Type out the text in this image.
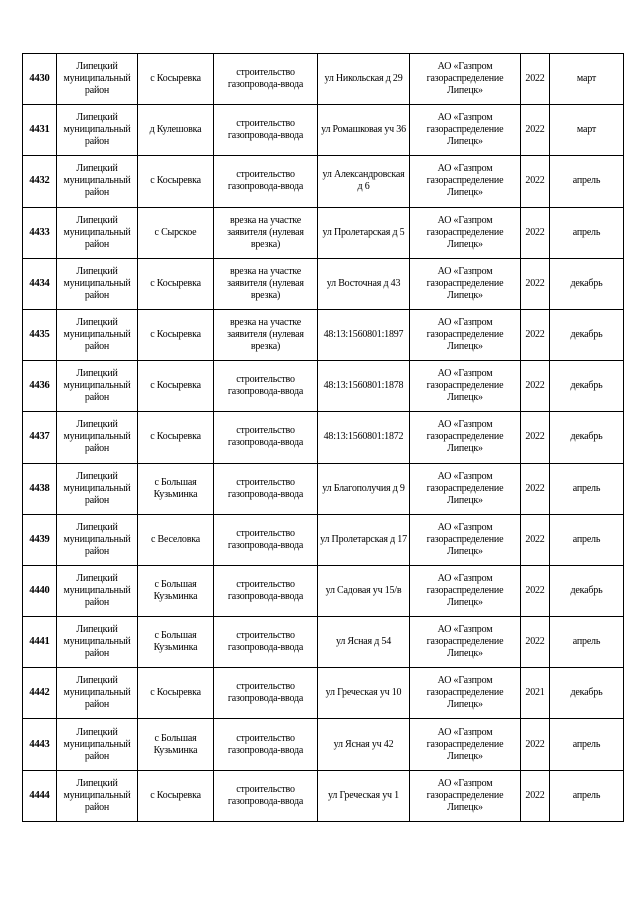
4430	Липецкий муниципальный район	с Косыревка	строительство газопровода-ввода	ул Никольская д 29	АО «Газпром газораспределение Липецк»	2022	март
4431	Липецкий муниципальный район	д Кулешовка	строительство газопровода-ввода	ул Ромашковая уч 36	АО «Газпром газораспределение Липецк»	2022	март
4432	Липецкий муниципальный район	с Косыревка	строительство газопровода-ввода	ул Александровская д 6	АО «Газпром газораспределение Липецк»	2022	апрель
4433	Липецкий муниципальный район	с Сырское	врезка на участке заявителя (нулевая врезка)	ул Пролетарская д 5	АО «Газпром газораспределение Липецк»	2022	апрель
4434	Липецкий муниципальный район	с Косыревка	врезка на участке заявителя (нулевая врезка)	ул Восточная д 43	АО «Газпром газораспределение Липецк»	2022	декабрь
4435	Липецкий муниципальный район	с Косыревка	врезка на участке заявителя (нулевая врезка)	48:13:1560801:1897	АО «Газпром газораспределение Липецк»	2022	декабрь
4436	Липецкий муниципальный район	с Косыревка	строительство газопровода-ввода	48:13:1560801:1878	АО «Газпром газораспределение Липецк»	2022	декабрь
4437	Липецкий муниципальный район	с Косыревка	строительство газопровода-ввода	48:13:1560801:1872	АО «Газпром газораспределение Липецк»	2022	декабрь
4438	Липецкий муниципальный район	с Большая Кузьминка	строительство газопровода-ввода	ул Благополучия д 9	АО «Газпром газораспределение Липецк»	2022	апрель
4439	Липецкий муниципальный район	с Веселовка	строительство газопровода-ввода	ул Пролетарская д 17	АО «Газпром газораспределение Липецк»	2022	апрель
4440	Липецкий муниципальный район	с Большая Кузьминка	строительство газопровода-ввода	ул Садовая уч 15/в	АО «Газпром газораспределение Липецк»	2022	декабрь
4441	Липецкий муниципальный район	с Большая Кузьминка	строительство газопровода-ввода	ул Ясная д 54	АО «Газпром газораспределение Липецк»	2022	апрель
4442	Липецкий муниципальный район	с Косыревка	строительство газопровода-ввода	ул Греческая уч 10	АО «Газпром газораспределение Липецк»	2021	декабрь
4443	Липецкий муниципальный район	с Большая Кузьминка	строительство газопровода-ввода	ул Ясная уч 42	АО «Газпром газораспределение Липецк»	2022	апрель
4444	Липецкий муниципальный район	с Косыревка	строительство газопровода-ввода	ул Греческая уч 1	АО «Газпром газораспределение Липецк»	2022	апрель
